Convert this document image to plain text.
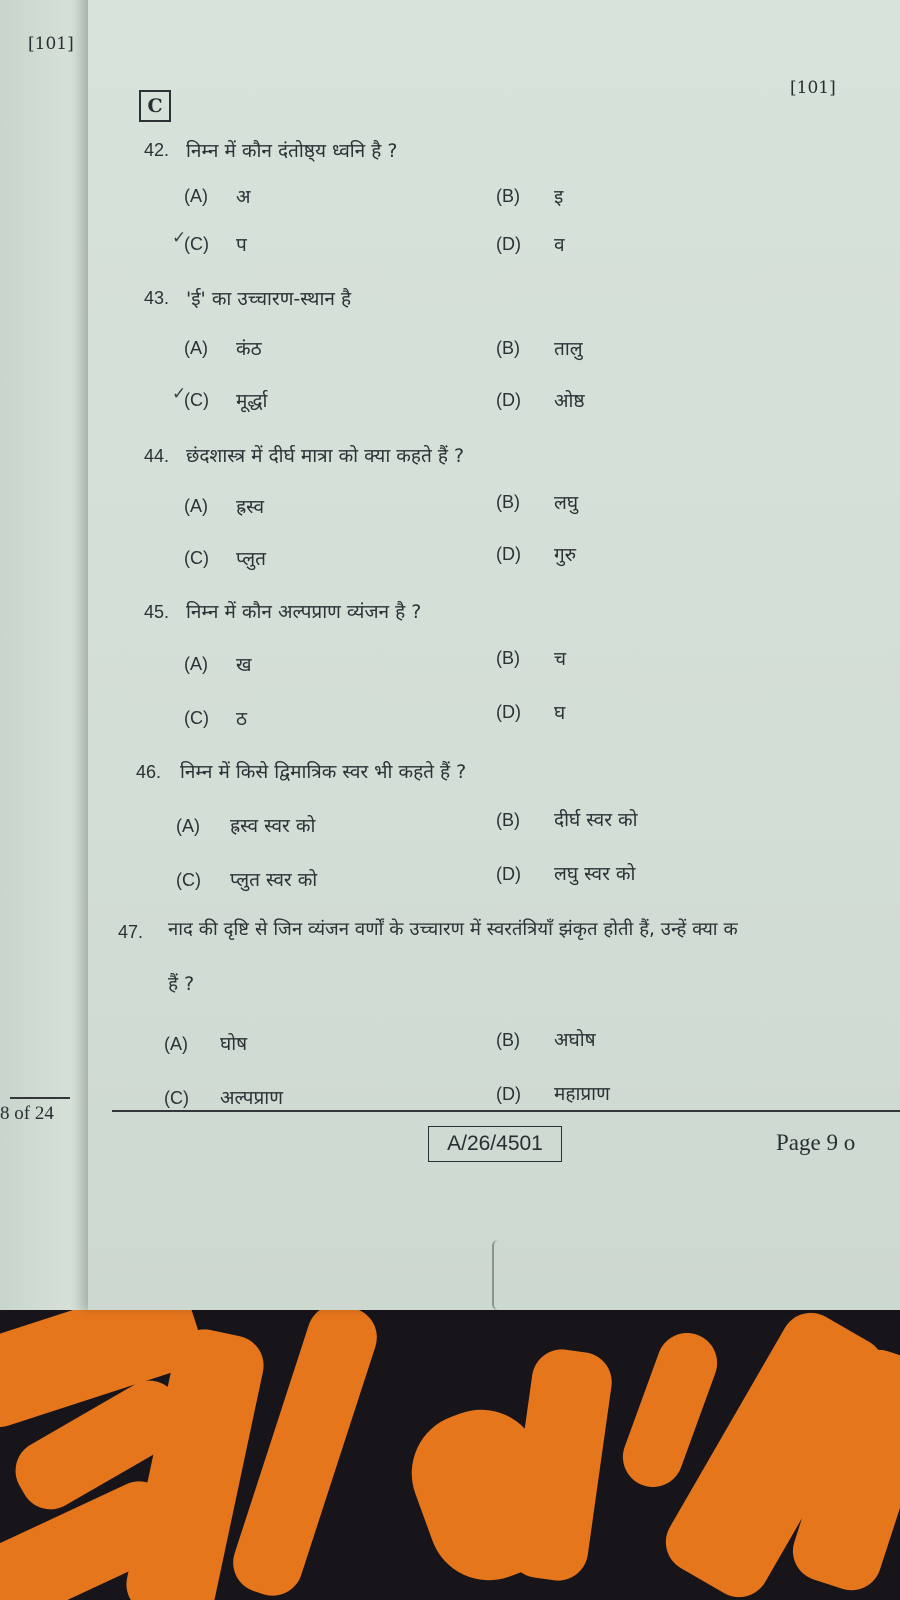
[101]
8 of 24
C
[101]
42. निम्न में कौन दंतोष्ठ्य ध्वनि है ?
(A) अ	(B) इ
✓
(C) प	(D) व
43. 'ई' का उच्चारण-स्थान है
(A) कंठ	(B) तालु
✓
(C) मूर्द्धा	(D) ओष्ठ
44. छंदशास्त्र में दीर्घ मात्रा को क्या कहते हैं ?
(A) ह्रस्व	(B) लघु
(C) प्लुत	(D) गुरु
45. निम्न में कौन अल्पप्राण व्यंजन है ?
(A) ख	(B) च
(C) ठ	(D) घ
46. निम्न में किसे द्विमात्रिक स्वर भी कहते हैं ?
(A) ह्रस्व स्वर को	(B) दीर्घ स्वर को
(C) प्लुत स्वर को	(D) लघु स्वर को
47. नाद की दृष्टि से जिन व्यंजन वर्णों के उच्चारण में स्वरतंत्रियाँ झंकृत होती हैं, उन्हें क्या क
हैं ?
(A) घोष	(B) अघोष
(C) अल्पप्राण	(D) महाप्राण
A/26/4501	Page 9 o
